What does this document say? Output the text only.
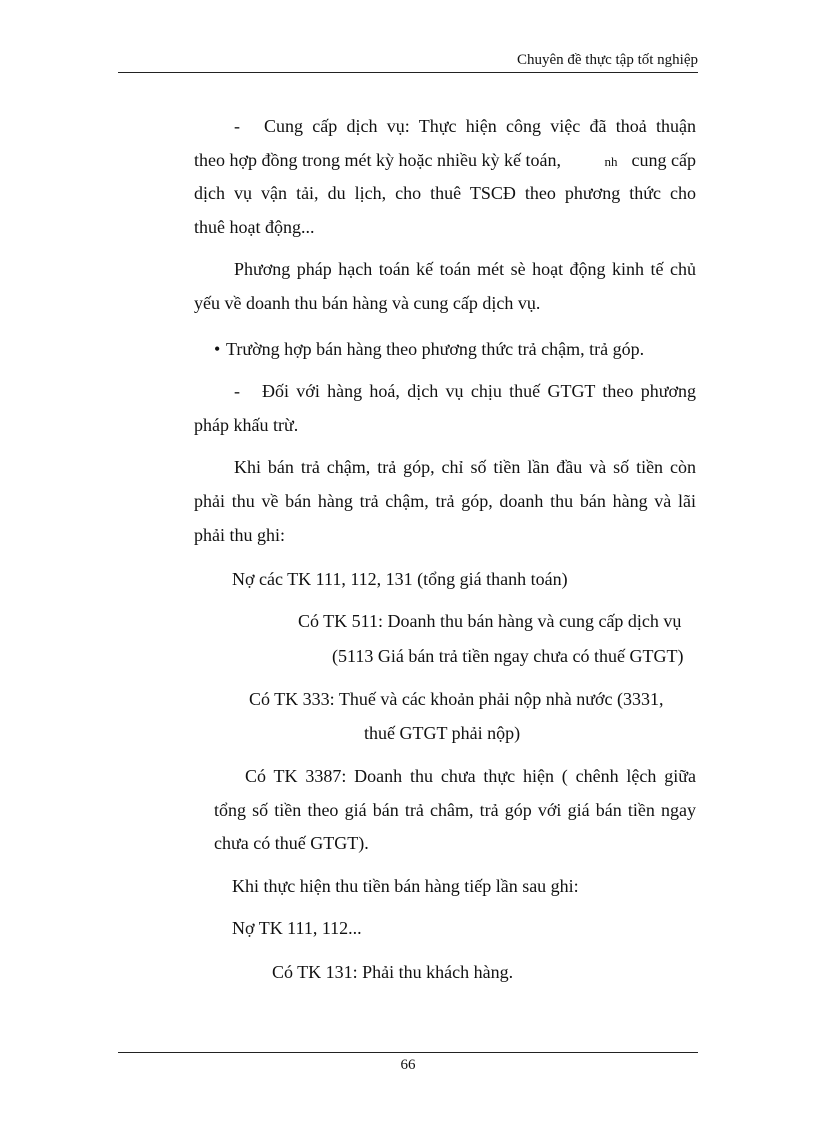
Chuyên đề thực tập tốt nghiệp
- Cung cấp dịch vụ: Thực hiện công việc đã thoả thuận
theo hợp đồng trong mét kỳ hoặc nhiều kỳ kế toán,	nh cung cấp
dịch vụ vận tải, du lịch, cho thuê TSCĐ theo phương thức cho
thuê hoạt động...
Phương pháp hạch toán kế toán mét sè hoạt động kinh tế chủ
yếu về doanh thu bán hàng và cung cấp dịch vụ.
• Trường hợp bán hàng theo phương thức trả chậm, trả góp.
- Đối với hàng hoá, dịch vụ chịu thuế GTGT theo phương
pháp khấu trừ.
Khi bán trả chậm, trả góp, chỉ số tiền lần đầu và số tiền còn
phải thu về bán hàng trả chậm, trả góp, doanh thu bán hàng và lãi
phải thu ghi:
Nợ các TK 111, 112, 131 (tổng giá thanh toán)
Có TK 511: Doanh thu bán hàng và cung cấp dịch vụ
(5113 Giá bán trả tiền ngay chưa có thuế GTGT)
Có TK 333: Thuế và các khoản phải nộp nhà nước (3331,
thuế GTGT phải nộp)
Có TK 3387: Doanh thu chưa thực hiện ( chênh lệch giữa
tổng số tiền theo giá bán trả châm, trả góp với giá bán tiền ngay
chưa có thuế GTGT).
Khi thực hiện thu tiền bán hàng tiếp lần sau ghi:
Nợ TK 111, 112...
Có TK 131: Phải thu khách hàng.
66
